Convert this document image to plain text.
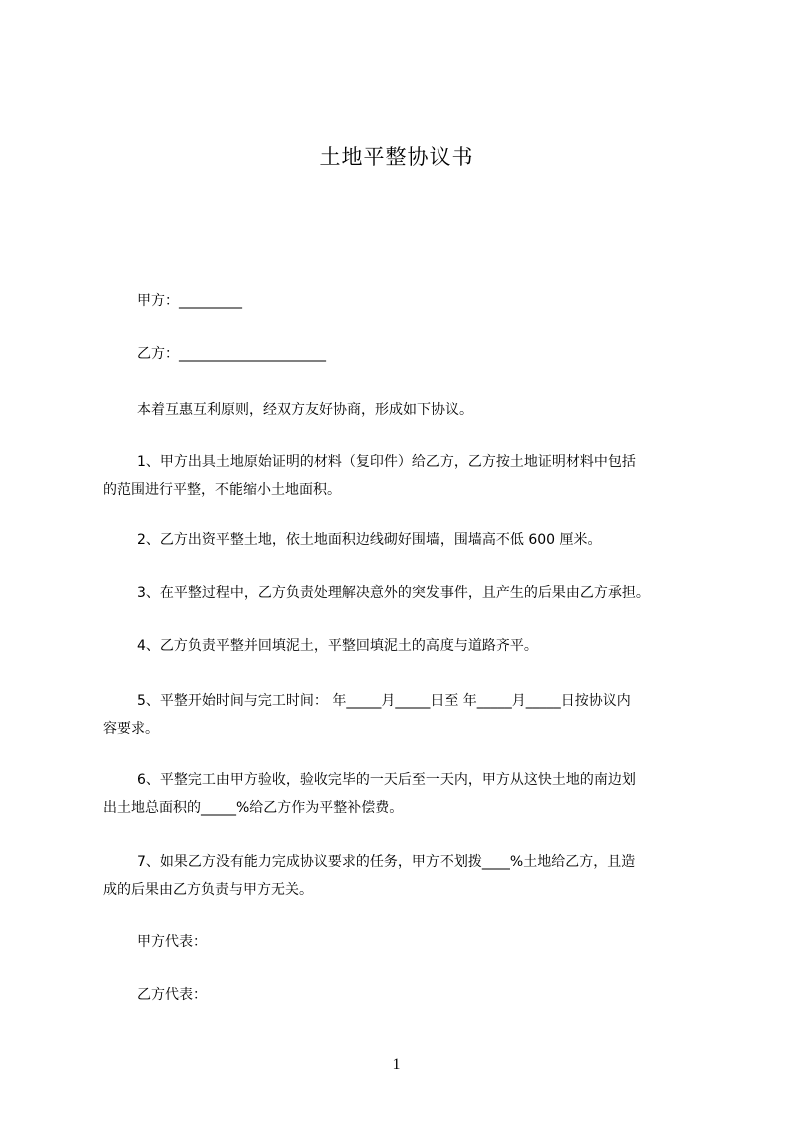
土地平整协议书
甲方：_________
乙方：_____________________
本着互惠互利原则，经双方友好协商，形成如下协议。
1、甲方出具土地原始证明的材料（复印件）给乙方，乙方按土地证明材料中包括
的范围进行平整，不能缩小土地面积。
2、乙方出资平整土地，依土地面积边线砌好围墙，围墙高不低 600 厘米。
3、在平整过程中，乙方负责处理解决意外的突发事件，且产生的后果由乙方承担。
4、乙方负责平整并回填泥土，平整回填泥土的高度与道路齐平。
5、平整开始时间与完工时间： 年_____月_____日至 年_____月_____日按协议内
容要求。
6、平整完工由甲方验收，验收完毕的一天后至一天内，甲方从这快土地的南边划
出土地总面积的_____%给乙方作为平整补偿费。
7、如果乙方没有能力完成协议要求的任务，甲方不划拨____%土地给乙方，且造
成的后果由乙方负责与甲方无关。
甲方代表：
乙方代表：
1
